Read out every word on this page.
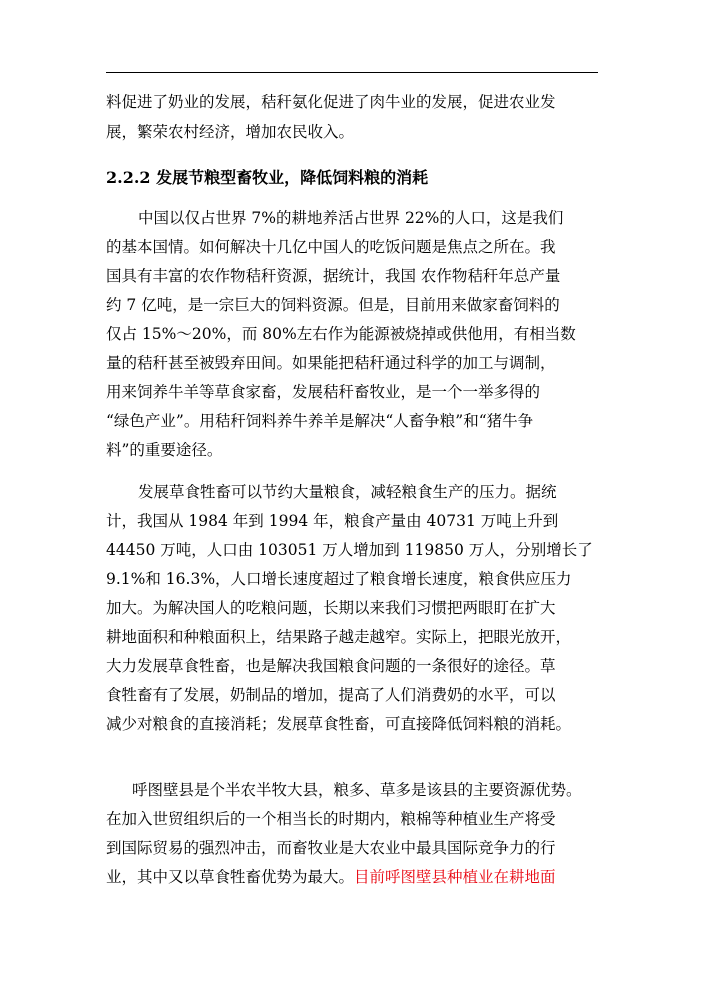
料促进了奶业的发展，秸秆氨化促进了肉牛业的发展，促进农业发
展，繁荣农村经济，增加农民收入。
2.2.2 发展节粮型畜牧业，降低饲料粮的消耗
中国以仅占世界 7%的耕地养活占世界 22%的人口，这是我们
的基本国情。如何解决十几亿中国人的吃饭问题是焦点之所在。我
国具有丰富的农作物秸秆资源，据统计，我国 农作物秸秆年总产量
约 7 亿吨，是一宗巨大的饲料资源。但是，目前用来做家畜饲料的
仅占 15%～20%，而 80%左右作为能源被烧掉或供他用，有相当数
量的秸秆甚至被毁弃田间。如果能把秸秆通过科学的加工与调制，
用来饲养牛羊等草食家畜，发展秸秆畜牧业，是一个一举多得的
“绿色产业”。用秸秆饲料养牛养羊是解决“人畜争粮”和“猪牛争
料”的重要途径。
发展草食牲畜可以节约大量粮食，减轻粮食生产的压力。据统
计，我国从 1984 年到 1994 年，粮食产量由 40731 万吨上升到
44450 万吨，人口由 103051 万人增加到 119850 万人，分别增长了
9.1%和 16.3%，人口增长速度超过了粮食增长速度，粮食供应压力
加大。为解决国人的吃粮问题，长期以来我们习惯把两眼盯在扩大
耕地面积和种粮面积上，结果路子越走越窄。实际上，把眼光放开，
大力发展草食牲畜，也是解决我国粮食问题的一条很好的途径。草
食牲畜有了发展，奶制品的增加，提高了人们消费奶的水平，可以
减少对粮食的直接消耗；发展草食牲畜，可直接降低饲料粮的消耗。
呼图壁县是个半农半牧大县，粮多、草多是该县的主要资源优势。
在加入世贸组织后的一个相当长的时期内，粮棉等种植业生产将受
到国际贸易的强烈冲击，而畜牧业是大农业中最具国际竞争力的行
业，其中又以草食牲畜优势为最大。目前呼图壁县种植业在耕地面
